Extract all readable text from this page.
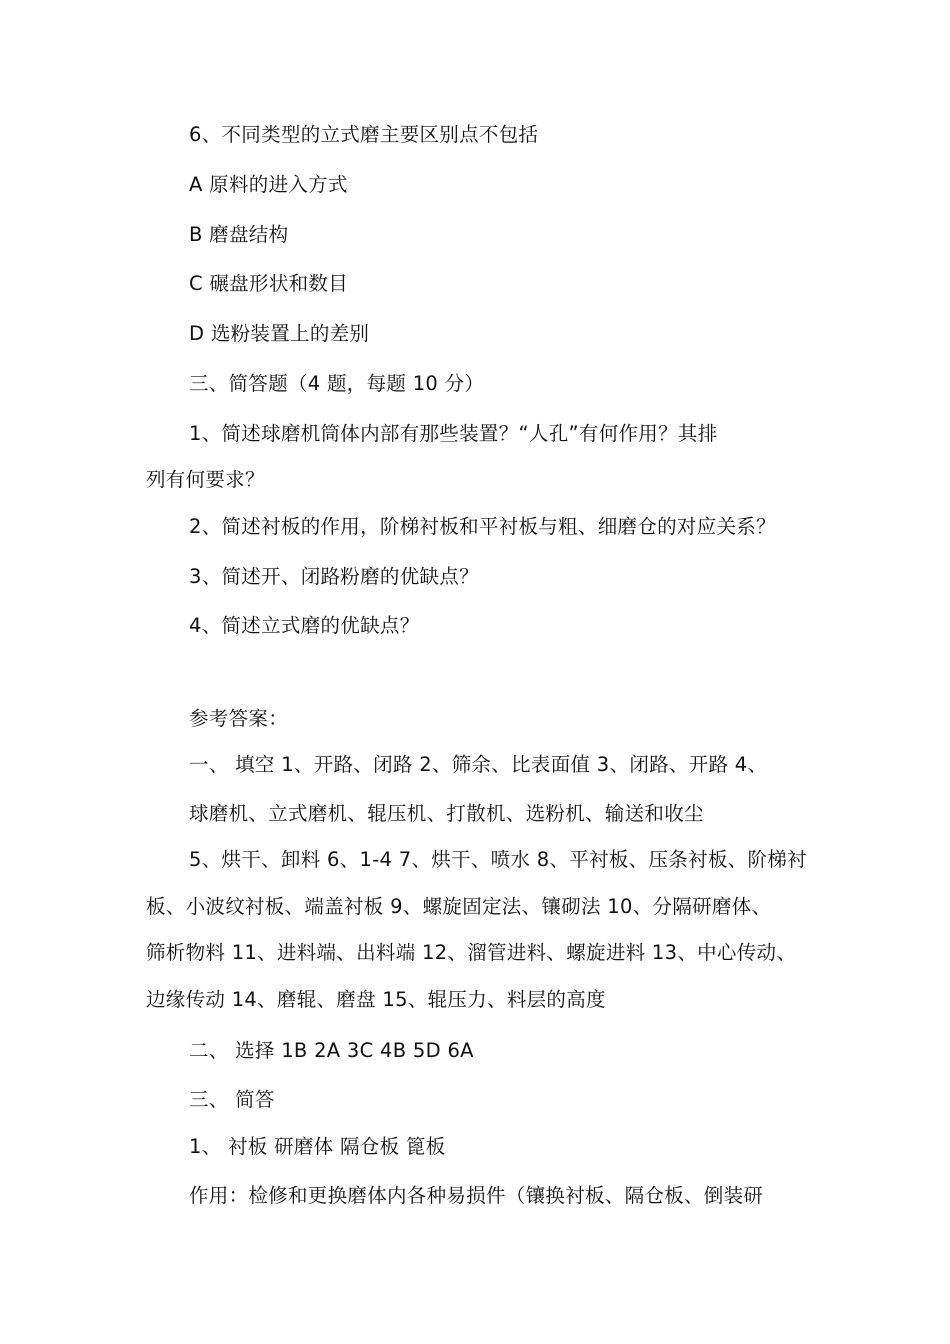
6、不同类型的立式磨主要区别点不包括
A 原料的进入方式
B 磨盘结构
C 碾盘形状和数目
D 选粉装置上的差别
三、简答题（4 题，每题 10 分）
1、简述球磨机筒体内部有那些装置？“人孔”有何作用？其排
列有何要求？
2、简述衬板的作用，阶梯衬板和平衬板与粗、细磨仓的对应关系？
3、简述开、闭路粉磨的优缺点？
4、简述立式磨的优缺点？
参考答案：
一、 填空 1、开路、闭路 2、筛余、比表面值 3、闭路、开路 4、
球磨机、立式磨机、辊压机、打散机、选粉机、输送和收尘
5、烘干、卸料 6、1-4 7、烘干、喷水 8、平衬板、压条衬板、阶梯衬
板、小波纹衬板、端盖衬板 9、螺旋固定法、镶砌法 10、分隔研磨体、
筛析物料 11、进料端、出料端 12、溜管进料、螺旋进料 13、中心传动、
边缘传动 14、磨辊、磨盘 15、辊压力、料层的高度
二、 选择 1B 2A 3C 4B 5D 6A
三、 简答
1、 衬板 研磨体 隔仓板 篦板
作用：检修和更换磨体内各种易损件（镶换衬板、隔仓板、倒装研
